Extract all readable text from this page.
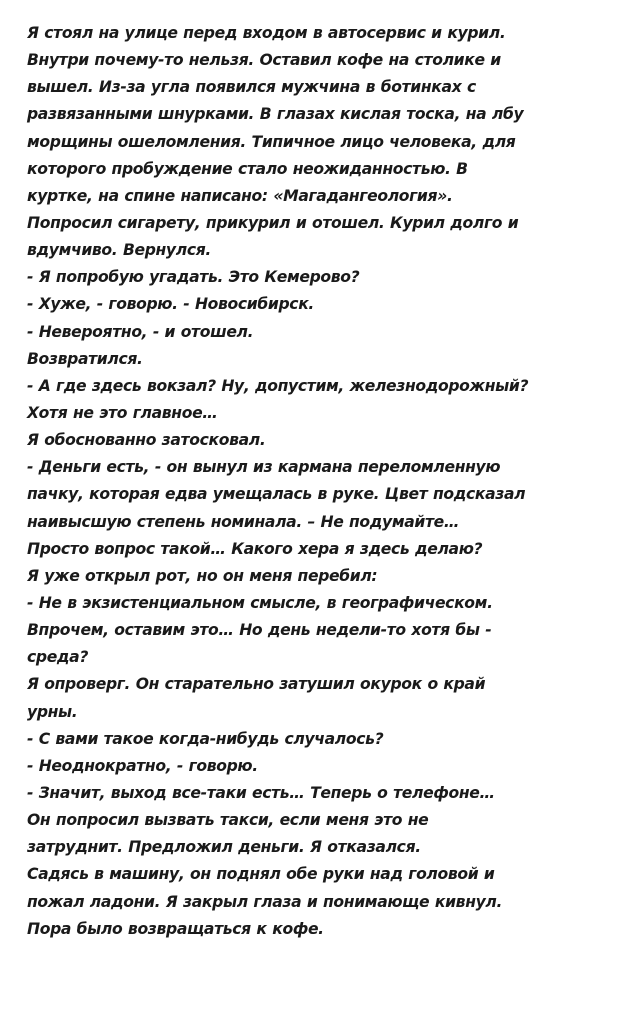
Я стоял на улице перед входом в автосервис и курил.
Внутри почему-то нельзя. Оставил кофе на столике и
вышел. Из-за угла появился мужчина в ботинках с
развязанными шнурками. В глазах кислая тоска, на лбу
морщины ошеломления. Типичное лицо человека, для
которого пробуждение стало неожиданностью. В
куртке, на спине написано: «Магадангеология».
Попросил сигарету, прикурил и отошел. Курил долго и
вдумчиво. Вернулся.
- Я попробую угадать. Это Кемерово?
- Хуже, - говорю. - Новосибирск.
- Невероятно, - и отошел.
Возвратился.
- А где здесь вокзал? Ну, допустим, железнодорожный?
Хотя не это главное…
Я обоснованно затосковал.
- Деньги есть, - он вынул из кармана переломленную
пачку, которая едва умещалась в руке. Цвет подсказал
наивысшую степень номинала. – Не подумайте…
Просто вопрос такой… Какого хера я здесь делаю?
Я уже открыл рот, но он меня перебил:
- Не в экзистенциальном смысле, в географическом.
Впрочем, оставим это… Но день недели-то хотя бы -
среда?
Я опроверг. Он старательно затушил окурок о край
урны.
- С вами такое когда-нибудь случалось?
- Неоднократно, - говорю.
- Значит, выход все-таки есть… Теперь о телефоне…
Он попросил вызвать такси, если меня это не
затруднит. Предложил деньги. Я отказался.
Садясь в машину, он поднял обе руки над головой и
пожал ладони. Я закрыл глаза и понимающе кивнул.
Пора было возвращаться к кофе.
